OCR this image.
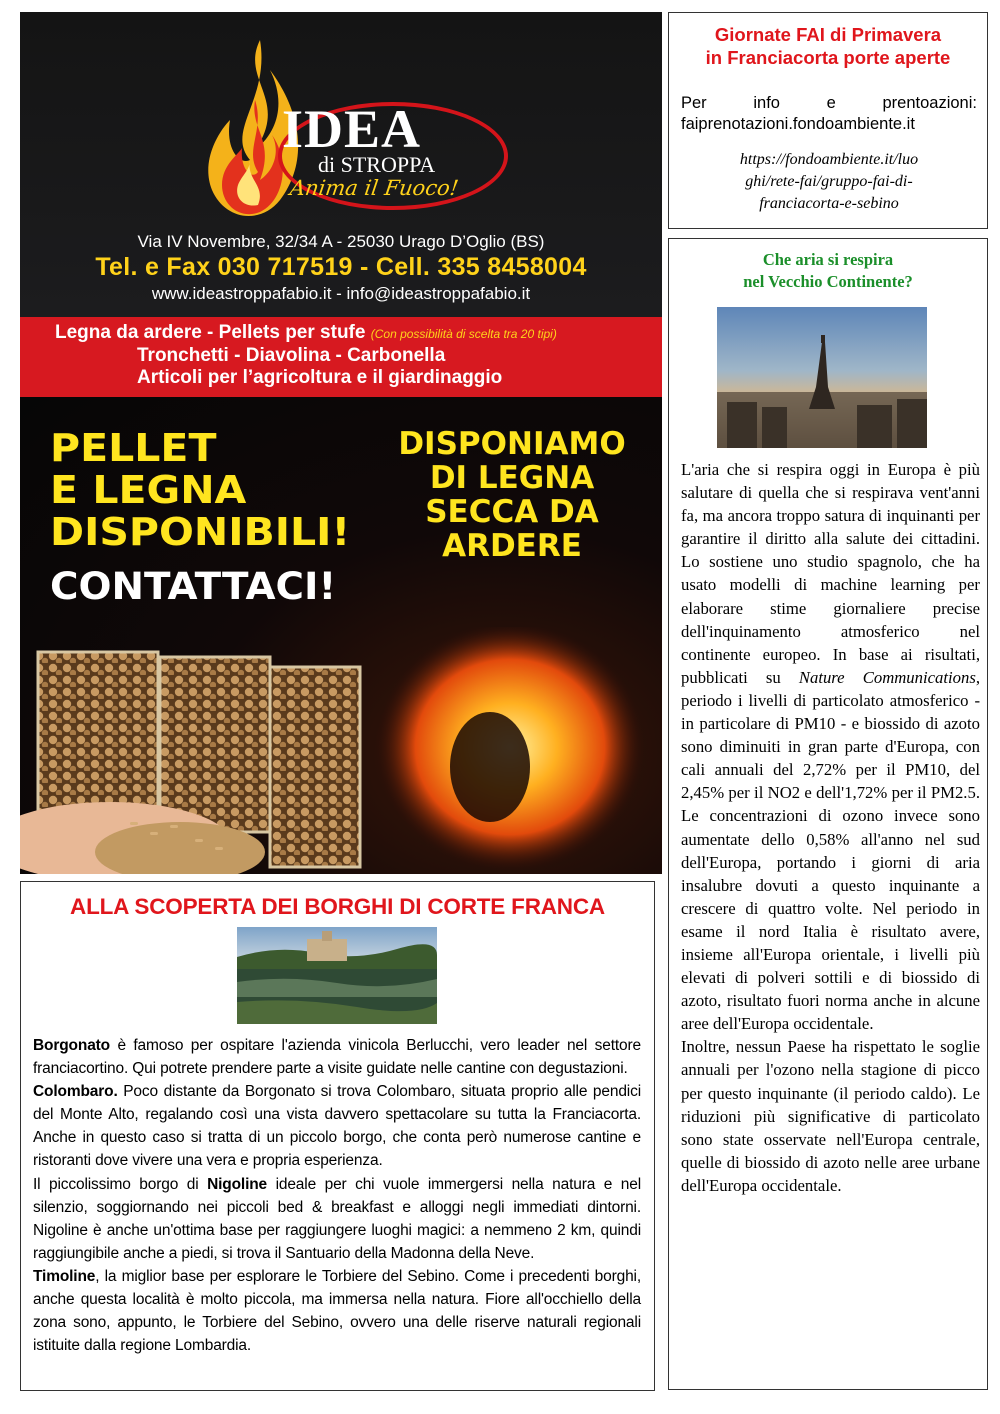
IDEA
di STROPPA
Anima il Fuoco!
Via IV Novembre, 32/34 A - 25030 Urago D’Oglio (BS)
Tel. e Fax 030 717519 - Cell. 335 8458004
www.ideastroppafabio.it - info@ideastroppafabio.it
Legna da ardere - Pellets per stufe (Con possibilità di scelta tra 20 tipi)
Tronchetti - Diavolina - Carbonella
Articoli per l’agricoltura e il giardinaggio
PELLET
E LEGNA
DISPONIBILI!
CONTATTACI!
DISPONIAMO
DI LEGNA
SECCA DA
ARDERE
Giornate FAI di Primavera
in Franciacorta porte aperte
Per	info	e	prentoazioni:
faiprenotazioni.fondoambiente.it
https://fondoambiente.it/luo
ghi/rete-fai/gruppo-fai-di-
franciacorta-e-sebino
Che aria si respira
nel Vecchio Continente?

L'aria che si respira oggi in Europa è più salutare di quella che si respirava vent'anni fa, ma ancora troppo satura di inquinanti per garantire il diritto alla salute dei cittadini. Lo sostiene uno studio spagnolo, che ha usato modelli di machine learning per elaborare stime giornaliere precise dell'inquinamento atmosferico nel continente europeo. In base ai risultati, pubblicati su Nature Communications, periodo i livelli di particolato atmosferico - in particolare di PM10 - e biossido di azoto sono diminuiti in gran parte d'Europa, con cali annuali del 2,72% per il PM10, del 2,45% per il NO2 e dell'1,72% per il PM2.5. Le concentrazioni di ozono invece sono aumentate dello 0,58% all'anno nel sud dell'Europa, portando i giorni di aria insalubre dovuti a questo inquinante a crescere di quattro volte. Nel periodo in esame il nord Italia è risultato avere, insieme all'Europa orientale, i livelli più elevati di polveri sottili e di biossido di azoto, risultato fuori norma anche in alcune aree dell'Europa occidentale.

Inoltre, nessun Paese ha rispettato le soglie annuali per l'ozono nella stagione di picco per questo inquinante (il periodo caldo). Le riduzioni più significative di particolato sono state osservate nell'Europa centrale, quelle di biossido di azoto nelle aree urbane dell'Europa occidentale.

ALLA SCOPERTA DEI BORGHI DI CORTE FRANCA

Borgonato è famoso per ospitare l'azienda vinicola Berlucchi, vero leader nel settore franciacortino. Qui potrete prendere parte a visite guidate nelle cantine con degustazioni.

Colombaro. Poco distante da Borgonato si trova Colombaro, situata proprio alle pendici del Monte Alto, regalando così una vista davvero spettacolare su tutta la Franciacorta. Anche in questo caso si tratta di un piccolo borgo, che conta però numerose cantine e ristoranti dove vivere una vera e propria esperienza.

Il piccolissimo borgo di Nigoline ideale per chi vuole immergersi nella natura e nel silenzio, soggiornando nei piccoli bed & breakfast e alloggi negli immediati dintorni. Nigoline è anche un'ottima base per raggiungere luoghi magici: a nemmeno 2 km, quindi raggiungibile anche a piedi, si trova il Santuario della Madonna della Neve.

Timoline, la miglior base per esplorare le Torbiere del Sebino. Come i precedenti borghi, anche questa località è molto piccola, ma immersa nella natura. Fiore all'occhiello della zona sono, appunto, le Torbiere del Sebino, ovvero una delle riserve naturali regionali istituite dalla regione Lombardia.
